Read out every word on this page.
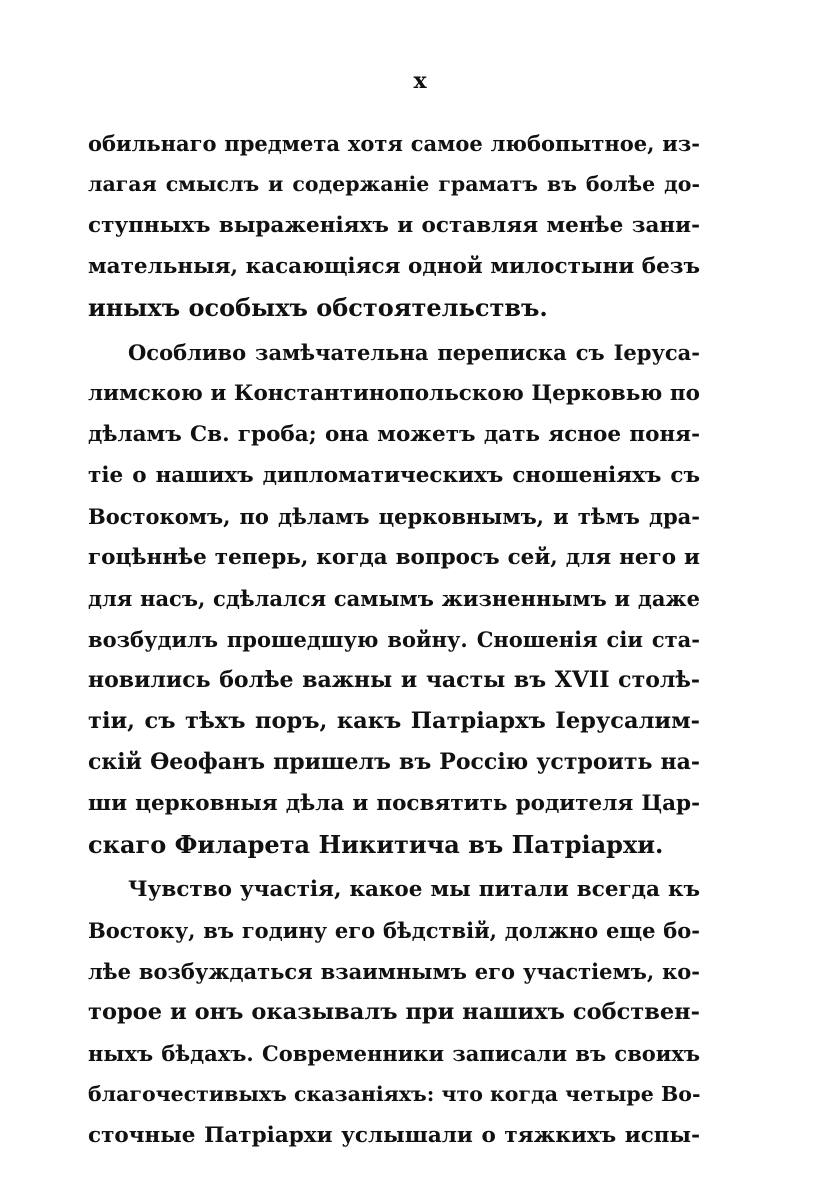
x

обильнаго предмета хотя самое любопытное, из-
лагая смыслъ и содержаніе граматъ въ болѣе до-
ступныхъ выраженіяхъ и оставляя менѣе зани-
мательныя, касающіяся одной милостыни безъ
иныхъ особыхъ обстоятельствъ.
Особливо замѣчательна переписка съ Іеруса-
лимскою и Константинопольскою Церковью по
дѣламъ Св. гроба; она можетъ дать ясное поня-
тіе о нашихъ дипломатическихъ сношеніяхъ съ
Востокомъ, по дѣламъ церковнымъ, и тѣмъ дра-
гоцѣннѣе теперь, когда вопросъ сей, для него и
для насъ, сдѣлался самымъ жизненнымъ и даже
возбудилъ прошедшую войну. Сношенія сіи ста-
новились болѣе важны и часты въ XVII столѣ-
тіи, съ тѣхъ поръ, какъ Патріархъ Іерусалим-
скій Ѳеофанъ пришелъ въ Россію устроить на-
ши церковныя дѣла и посвятить родителя Цар-
скаго Филарета Никитича въ Патріархи.
Чувство участія, какое мы питали всегда къ
Востоку, въ годину его бѣдствій, должно еще бо-
лѣе возбуждаться взаимнымъ его участіемъ, ко-
торое и онъ оказывалъ при нашихъ собствен-
ныхъ бѣдахъ. Современники записали въ своихъ
благочестивыхъ сказаніяхъ: что когда четыре Во-
сточные Патріархи услышали о тяжкихъ испы-
